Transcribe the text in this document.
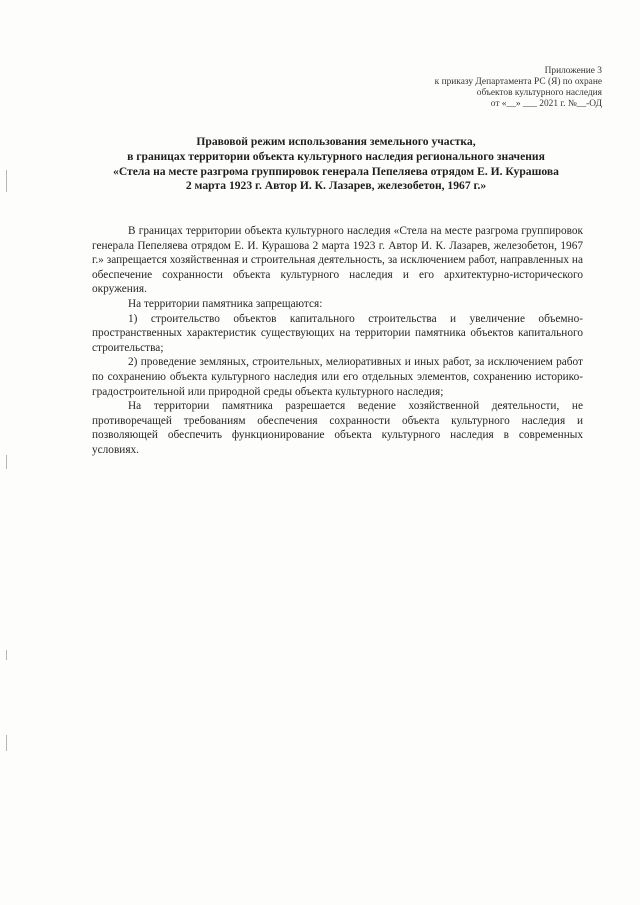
Приложение 3
к приказу Департамента РС (Я) по охране
объектов культурного наследия
от «__» ___ 2021 г. №__-ОД
Правовой режим использования земельного участка,
в границах территории объекта культурного наследия регионального значения
«Стела на месте разгрома группировок генерала Пепеляева отрядом Е. И. Курашова
2 марта 1923 г. Автор И. К. Лазарев, железобетон, 1967 г.»

В границах территории объекта культурного наследия «Стела на месте разгрома группировок генерала Пепеляева отрядом Е. И. Курашова 2 марта 1923 г. Автор И. К. Лазарев, железобетон, 1967 г.» запрещается хозяйственная и строительная деятельность, за исключением работ, направленных на обеспечение сохранности объекта культурного наследия и его архитектурно-исторического окружения.

На территории памятника запрещаются:

1) строительство объектов капитального строительства и увеличение объемно-пространственных характеристик существующих на территории памятника объектов капитального строительства;

2) проведение земляных, строительных, мелиоративных и иных работ, за исключением работ по сохранению объекта культурного наследия или его отдельных элементов, сохранению историко-градостроительной или природной среды объекта культурного наследия;

На территории памятника разрешается ведение хозяйственной деятельности, не противоречащей требованиям обеспечения сохранности объекта культурного наследия и позволяющей обеспечить функционирование объекта культурного наследия в современных условиях.
